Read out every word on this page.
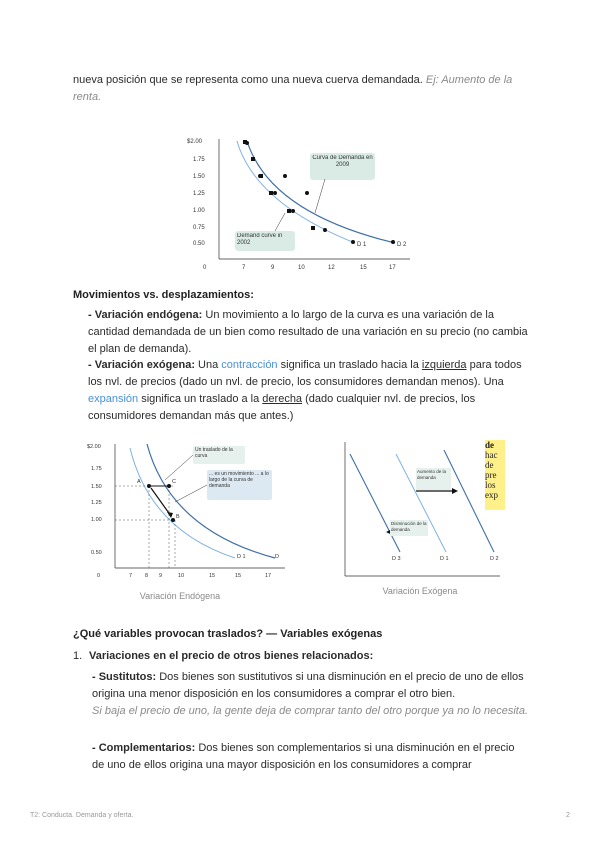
nueva posición que se representa como una nueva cuerva demandada. Ej: Aumento de la renta.
$2.00
1.75
1.50
1.25
1.00
0.75
0.50
0	7	9	10	12	15	17
Curva de Demanda en 2009
Demand curve in 2002	D 1	D 2
Movimientos vs. desplazamientos:
- Variación endógena: Un movimiento a lo largo de la curva es una variación de la cantidad demandada de un bien como resultado de una variación en su precio (no cambia el plan de demanda).
- Variación exógena: Una contracción significa un traslado hacia la izquierda para todos los nvl. de precios (dado un nvl. de precio, los consumidores demandan menos). Una expansión significa un traslado a la derecha (dado cualquier nvl. de precios, los consumidores demandan más que antes.)
$2.00
1.75
1.50
1.25
1.00
0.50
0	7 8 9	10	15	15	17
A	C
B
Un traslado de la curva
... es un movimiento ... a lo largo de la curva de demanda
D 1	D
Variación Endógena
Aumento de la demanda
Disminución de la demanda
D 3	D 1	D 2
de
hac
de
pre
los
exp
Variación Exógena
¿Qué variables provocan traslados? — Variables exógenas
1. Variaciones en el precio de otros bienes relacionados:
- Sustitutos: Dos bienes son sustitutivos si una disminución en el precio de uno de ellos origina una menor disposición en los consumidores a comprar el otro bien.
Si baja el precio de uno, la gente deja de comprar tanto del otro porque ya no lo necesita.
- Complementarios: Dos bienes son complementarios si una disminución en el precio de uno de ellos origina una mayor disposición en los consumidores a comprar
T2: Conducta. Demanda y oferta.	2
